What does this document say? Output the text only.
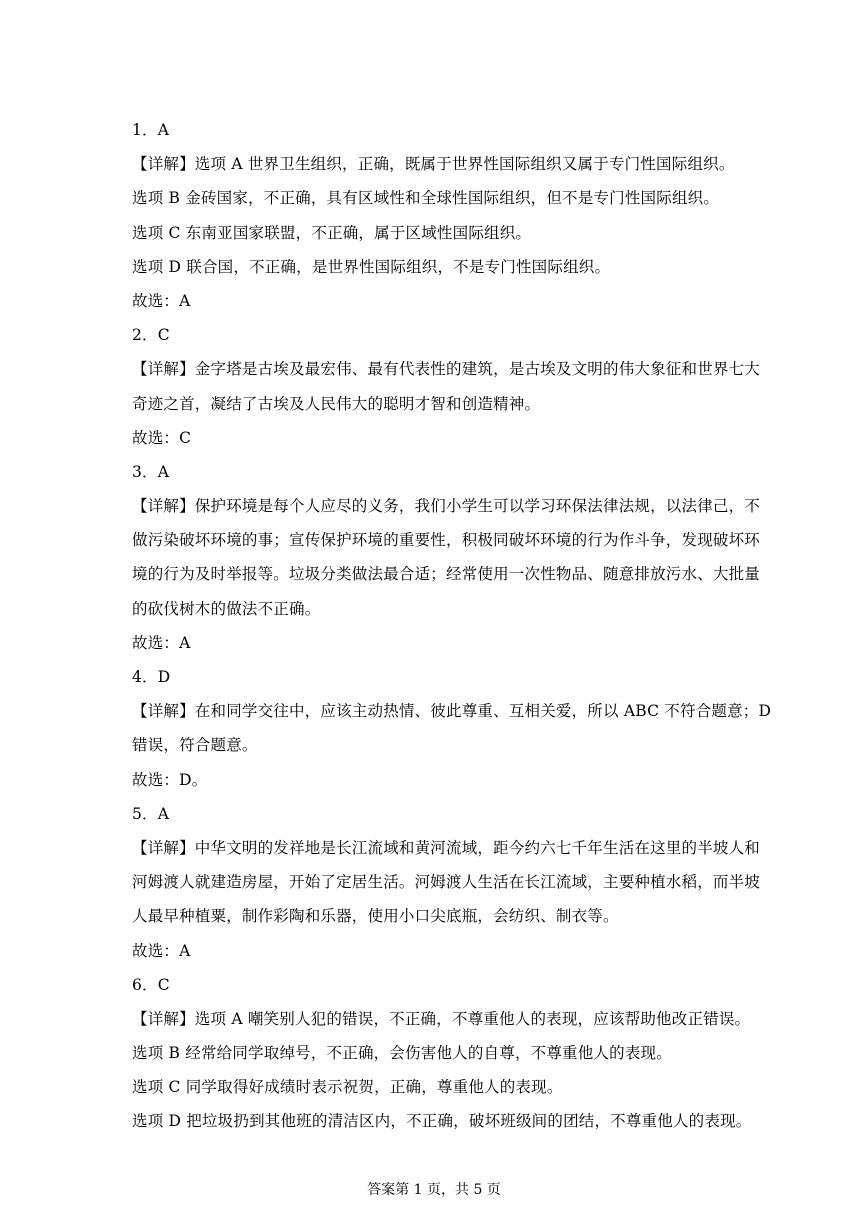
1．A
【详解】选项 A 世界卫生组织，正确，既属于世界性国际组织又属于专门性国际组织。
选项 B 金砖国家，不正确，具有区域性和全球性国际组织，但不是专门性国际组织。
选项 C 东南亚国家联盟，不正确，属于区域性国际组织。
选项 D 联合国，不正确，是世界性国际组织，不是专门性国际组织。
故选：A
2．C
【详解】金字塔是古埃及最宏伟、最有代表性的建筑，是古埃及文明的伟大象征和世界七大
奇迹之首，凝结了古埃及人民伟大的聪明才智和创造精神。
故选：C
3．A
【详解】保护环境是每个人应尽的义务，我们小学生可以学习环保法律法规，以法律己，不
做污染破坏环境的事；宣传保护环境的重要性，积极同破坏环境的行为作斗争，发现破坏环
境的行为及时举报等。垃圾分类做法最合适；经常使用一次性物品、随意排放污水、大批量
的砍伐树木的做法不正确。
故选：A
4．D
【详解】在和同学交往中，应该主动热情、彼此尊重、互相关爱，所以 ABC 不符合题意；D
错误，符合题意。
故选：D。
5．A
【详解】中华文明的发祥地是长江流域和黄河流域，距今约六七千年生活在这里的半坡人和
河姆渡人就建造房屋，开始了定居生活。河姆渡人生活在长江流域，主要种植水稻，而半坡
人最早种植粟，制作彩陶和乐器，使用小口尖底瓶，会纺织、制衣等。
故选：A
6．C
【详解】选项 A 嘲笑别人犯的错误，不正确，不尊重他人的表现，应该帮助他改正错误。
选项 B 经常给同学取绰号，不正确，会伤害他人的自尊，不尊重他人的表现。
选项 C 同学取得好成绩时表示祝贺，正确，尊重他人的表现。
选项 D 把垃圾扔到其他班的清洁区内，不正确，破坏班级间的团结，不尊重他人的表现。
答案第 1 页，共 5 页
